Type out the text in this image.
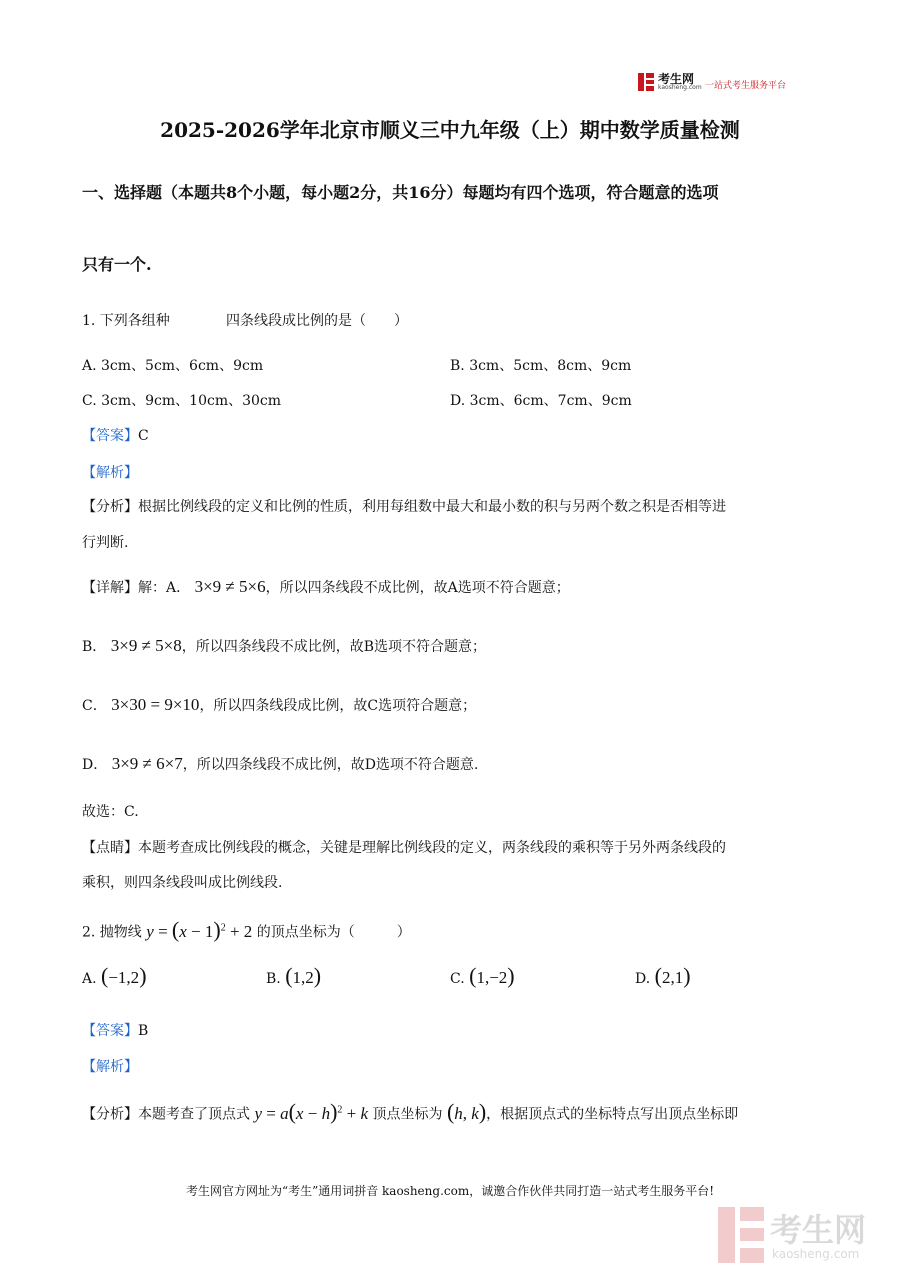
考生网
kaosheng.com 一站式考生服务平台
2025-2026学年北京市顺义三中九年级（上）期中数学质量检测
一、选择题（本题共8个小题，每小题2分，共16分）每题均有四个选项，符合题意的选项
只有一个.
1. 下列各组种	四条线段成比例的是（　　）
A. 3cm、5cm、6cm、9cm	B. 3cm、5cm、8cm、9cm
C. 3cm、9cm、10cm、30cm	D. 3cm、6cm、7cm、9cm
【答案】C
【解析】
【分析】根据比例线段的定义和比例的性质，利用每组数中最大和最小数的积与另两个数之积是否相等进
行判断.
【详解】解：A． 3×9 ≠ 5×6，所以四条线段不成比例，故A选项不符合题意；
B． 3×9 ≠ 5×8，所以四条线段不成比例，故B选项不符合题意；
C． 3×30 = 9×10，所以四条线段成比例，故C选项符合题意；
D． 3×9 ≠ 6×7，所以四条线段不成比例，故D选项不符合题意.
故选：C.
【点睛】本题考查成比例线段的概念，关键是理解比例线段的定义，两条线段的乘积等于另外两条线段的
乘积，则四条线段叫成比例线段.
2. 抛物线 $y = (x - 1)^2 + 2$ 的顶点坐标为（　　　）
A. (−1,2)	B. (1,2)	C. (1,−2)	D. (2,1)
【答案】B
【解析】
【分析】本题考查了顶点式 $y = a(x - h)^2 + k$ 顶点坐标为 (h, k)，根据顶点式的坐标特点写出顶点坐标即
考生网官方网址为“考生”通用词拼音 kaosheng.com，诚邀合作伙伴共同打造一站式考生服务平台!
考生网
kaosheng.com
